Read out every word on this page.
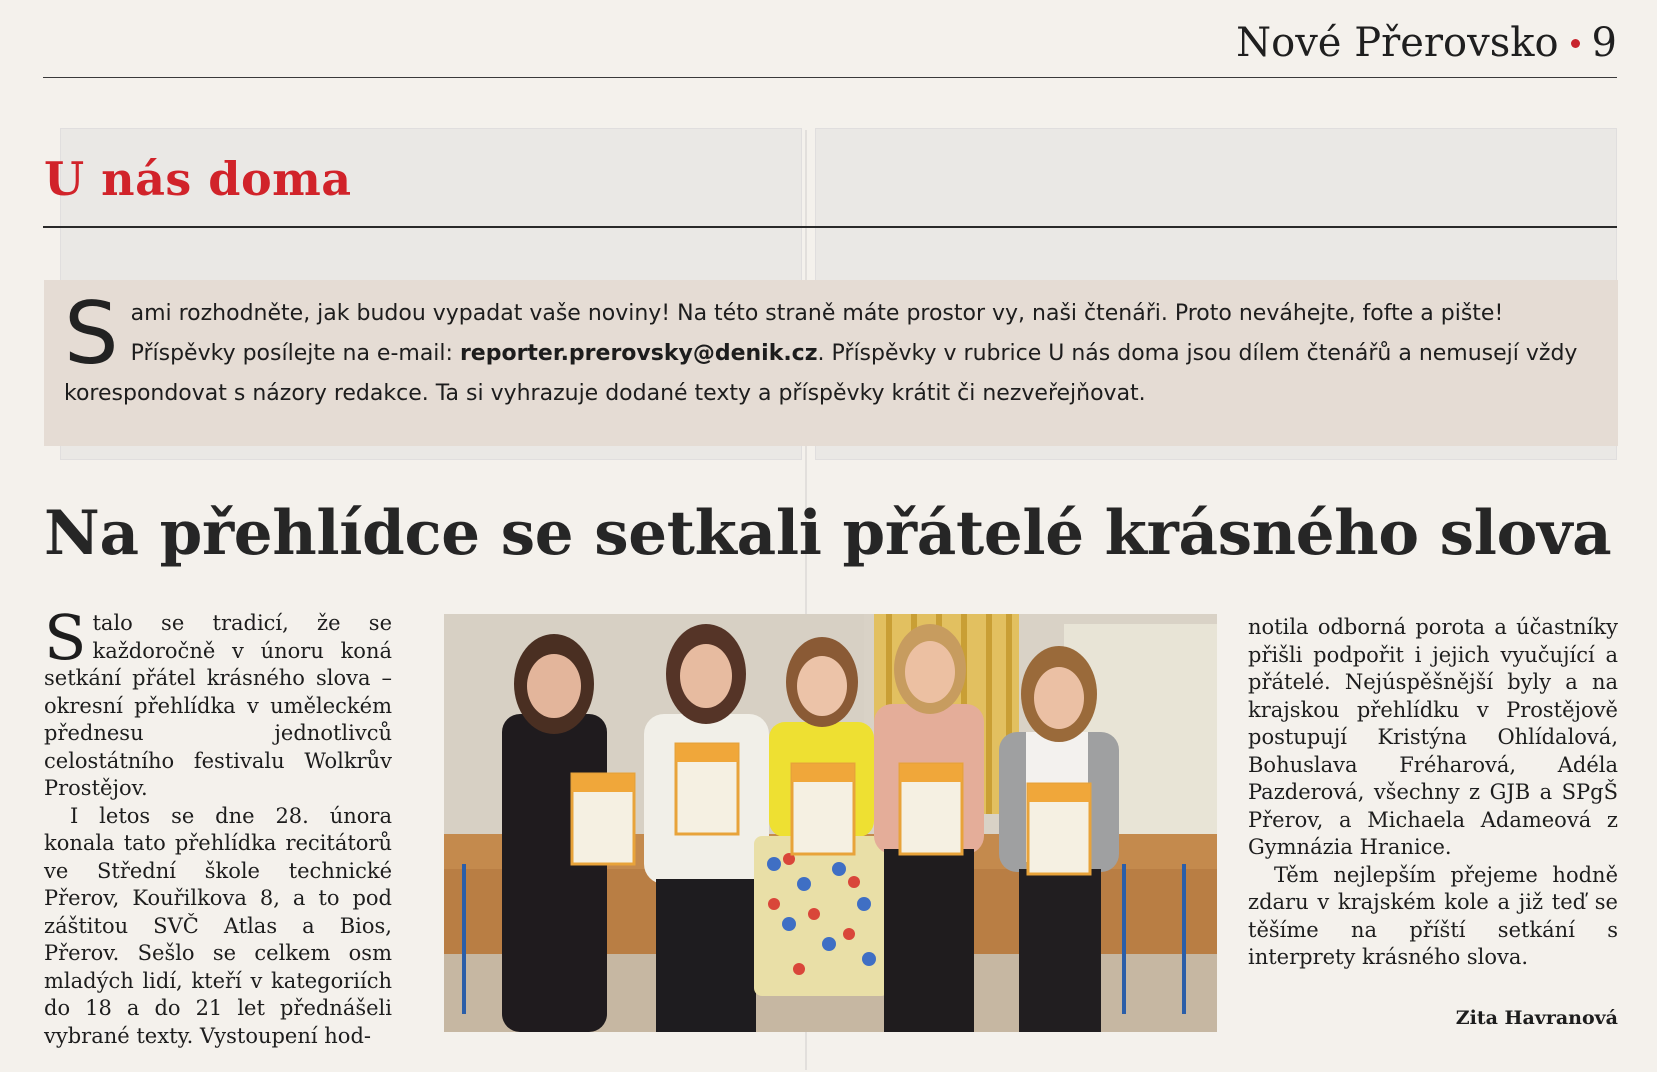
Nové Přerovsko 9
U nás doma
S ami rozhodněte, jak budou vypadat vaše noviny! Na této straně máte prostor vy, naši čtenáři. Proto neváhejte, fofte a pište! Příspěvky posílejte na e-mail: reporter.prerovsky@denik.cz. Příspěvky v rubrice U nás doma jsou dílem čtenářů a nemusejí vždy korespondovat s názory redakce. Ta si vyhrazuje dodané texty a příspěvky krátit či nezveřejňovat.
Na přehlídce se setkali přátelé krásného slova

Stalo se tradicí, že se každoročně v únoru koná setkání přátel krásného slova – okresní přehlídka v uměleckém přednesu jednotlivců celostátního festivalu Wolkrův Prostějov.

I letos se dne 28. února konala tato přehlídka recitátorů ve Střední škole technické Přerov, Kouřilkova 8, a to pod záštitou SVČ Atlas a Bios, Přerov. Sešlo se celkem osm mladých lidí, kteří v kategoriích do 18 a do 21 let přednášeli vybrané texty. Vystoupení hod-

notila odborná porota a účastníky přišli podpořit i jejich vyučující a přátelé. Nejúspěšnější byly a na krajskou přehlídku v Prostějově postupují Kristýna Ohlídalová, Bohuslava Fréharová, Adéla Pazderová, všechny z GJB a SPgŠ Přerov, a Michaela Adameová z Gymnázia Hranice.

Těm nejlepším přejeme hodně zdaru v krajském kole a již teď se těšíme na příští setkání s interprety krásného slova.

Zita Havranová
